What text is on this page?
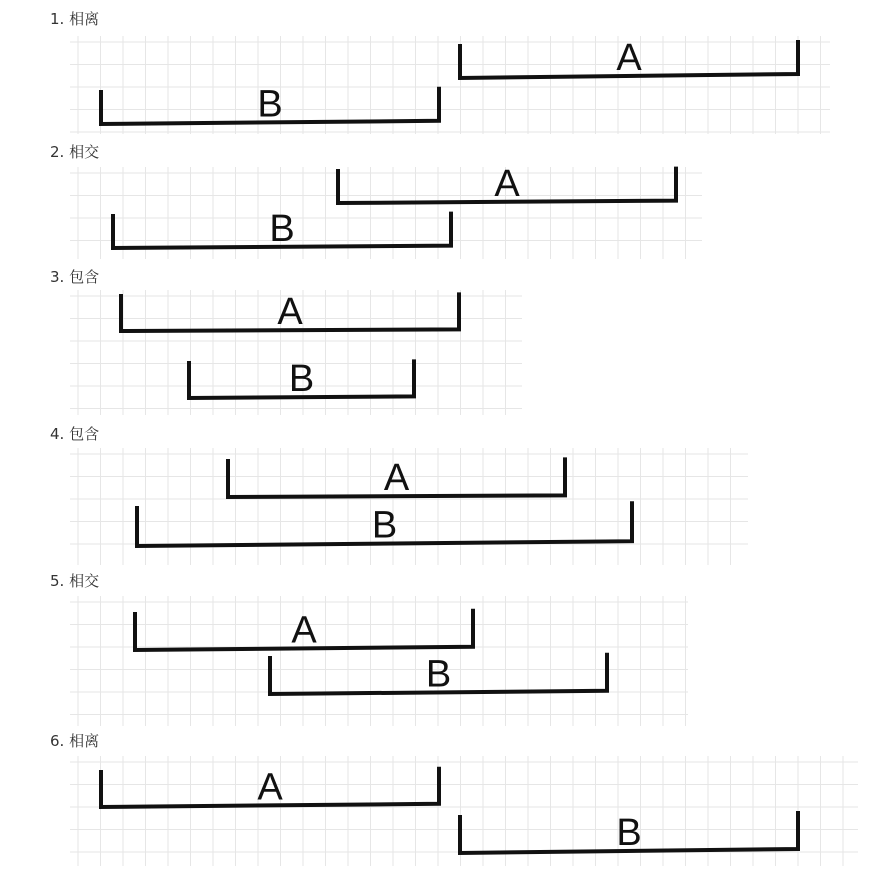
1. 相离
A
B
2. 相交
A
B
3. 包含
A
B
4. 包含
A
B
5. 相交
A
B
6. 相离
A
B
